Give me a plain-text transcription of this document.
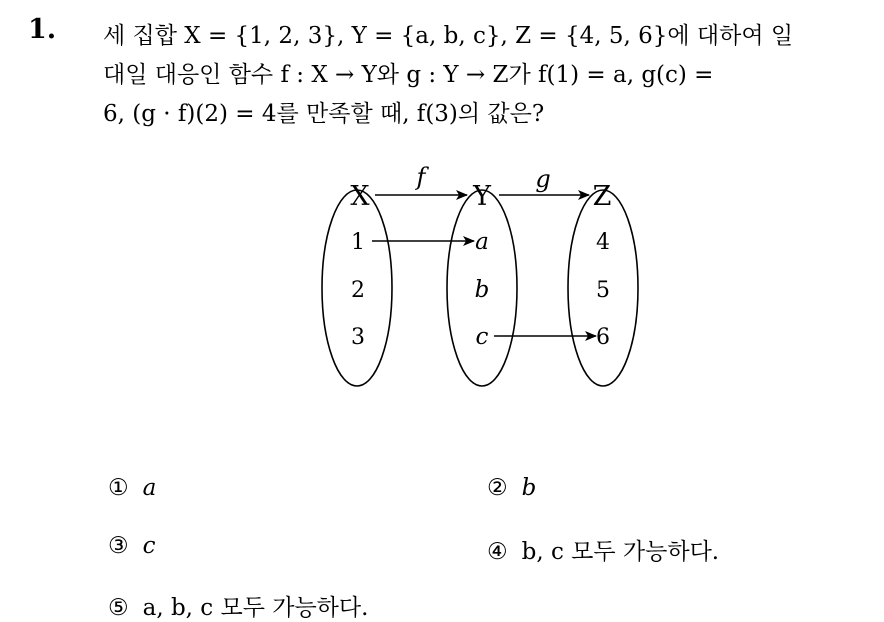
1. 세 집합 X = {1, 2, 3}, Y = {a, b, c}, Z = {4, 5, 6}에 대하여 일
대일 대응인 함수 f : X → Y와 g : Y → Z가 f(1) = a, g(c) =
6, (g · f)(2) = 4를 만족할 때, f(3)의 값은?
X	Y	Z
f	g
1
2
3
a
b
c
4
5
6
① a	② b
③ c	④ b, c 모두 가능하다.
⑤ a, b, c 모두 가능하다.
